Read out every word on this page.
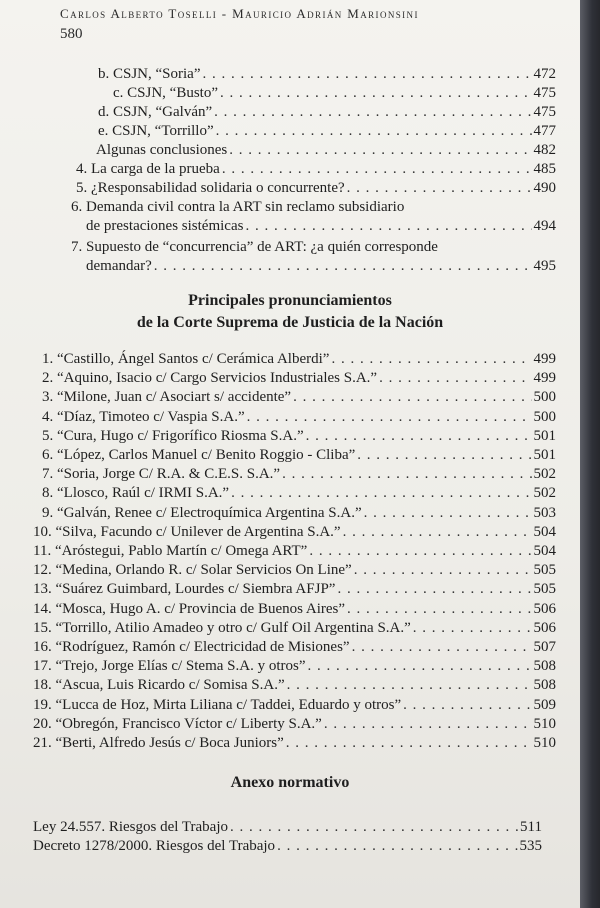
Carlos Alberto Toselli - Mauricio Adrián Marionsini
580
b. CSJN, “Soria” . . .	472
c. CSJN, “Busto” . . .	475
d. CSJN, “Galván” . . .	475
e. CSJN, “Torrillo” . . .	477
Algunas conclusiones . . .	482
4. La carga de la prueba . . .	485
5. ¿Responsabilidad solidaria o concurrente? . . .	490
6. Demanda civil contra la ART sin reclamo subsidiario
de prestaciones sistémicas . . .	494
7. Supuesto de “concurrencia” de ART: ¿a quién corresponde
demandar? . . .	495
Principales pronunciamientos
de la Corte Suprema de Justicia de la Nación
1. “Castillo, Ángel Santos c/ Cerámica Alberdi” . . .	499
2. “Aquino, Isacio c/ Cargo Servicios Industriales S.A.” . . .	499
3. “Milone, Juan c/ Asociart s/ accidente” . . .	500
4. “Díaz, Timoteo c/ Vaspia S.A.” . . .	500
5. “Cura, Hugo c/ Frigorífico Riosma S.A.” . . .	501
6. “López, Carlos Manuel c/ Benito Roggio - Cliba” . . .	501
7. “Soria, Jorge C/ R.A. & C.E.S. S.A.” . . .	502
8. “Llosco, Raúl c/ IRMI S.A.” . . .	502
9. “Galván, Renee c/ Electroquímica Argentina S.A.” . . .	503
10. “Silva, Facundo c/ Unilever de Argentina S.A.” . . .	504
11. “Aróstegui, Pablo Martín c/ Omega ART” . . .	504
12. “Medina, Orlando R. c/ Solar Servicios On Line” . . .	505
13. “Suárez Guimbard, Lourdes c/ Siembra AFJP” . . .	505
14. “Mosca, Hugo A. c/ Provincia de Buenos Aires” . . .	506
15. “Torrillo, Atilio Amadeo y otro c/ Gulf Oil Argentina S.A.” . . .	506
16. “Rodríguez, Ramón c/ Electricidad de Misiones” . . .	507
17. “Trejo, Jorge Elías c/ Stema S.A. y otros” . . .	508
18. “Ascua, Luis Ricardo c/ Somisa S.A.” . . .	508
19. “Lucca de Hoz, Mirta Liliana c/ Taddei, Eduardo y otros” . . .	509
20. “Obregón, Francisco Víctor c/ Liberty S.A.” . . .	510
21. “Berti, Alfredo Jesús c/ Boca Juniors” . . .	510
Anexo normativo
Ley 24.557. Riesgos del Trabajo . . .	511
Decreto 1278/2000. Riesgos del Trabajo . . .	535
